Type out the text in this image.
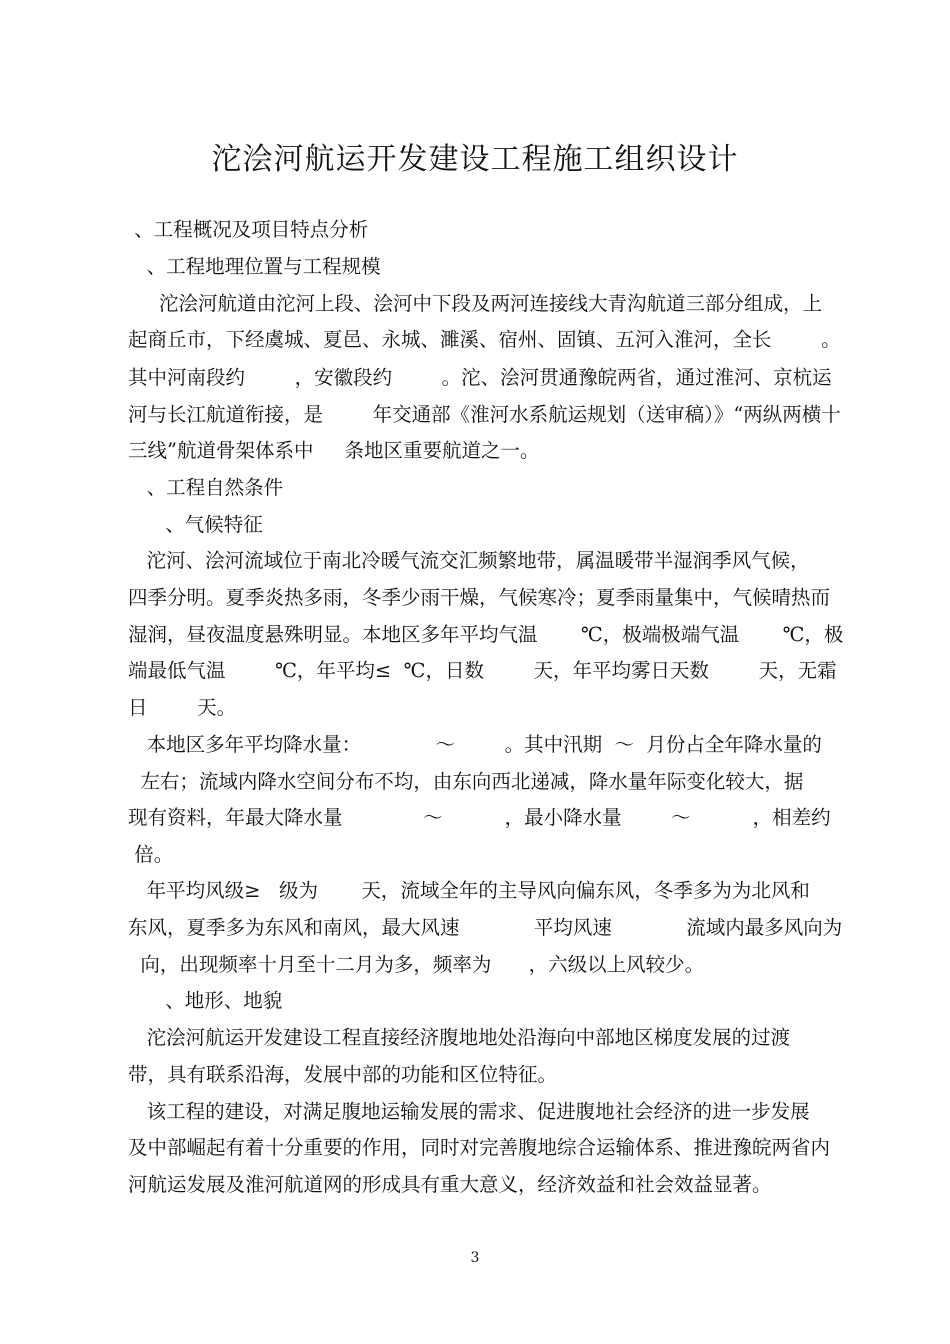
沱浍河航运开发建设工程施工组织设计
、工程概况及项目特点分析
、工程地理位置与工程规模
沱浍河航道由沱河上段、浍河中下段及两河连接线大青沟航道三部分组成，上
起商丘市，下经虞城、夏邑、永城、濉溪、宿州、固镇、五河入淮河，全长        。
其中河南段约        ，安徽段约        。沱、浍河贯通豫皖两省，通过淮河、京杭运
河与长江航道衔接，是        年交通部《淮河水系航运规划（送审稿）》“两纵两横十
三线”航道骨架体系中     条地区重要航道之一。
、工程自然条件
、气候特征
沱河、浍河流域位于南北冷暖气流交汇频繁地带，属温暖带半湿润季风气候，
四季分明。夏季炎热多雨，冬季少雨干燥，气候寒冷；夏季雨量集中，气候晴热而
湿润，昼夜温度悬殊明显。本地区多年平均气温       ℃，极端极端气温       ℃，极
端最低气温        ℃，年平均≤  ℃，日数        天，年平均雾日天数        天，无霜
日        天。
本地区多年平均降水量：            ～        。其中汛期  ～  月份占全年降水量的
左右；流域内降水空间分布不均，由东向西北递减，降水量年际变化较大，据
现有资料，年最大降水量             ～          ，最小降水量        ～          ，相差约
倍。
年平均风级≥   级为       天，流域全年的主导风向偏东风，冬季多为为北风和
东风，夏季多为东风和南风，最大风速            平均风速            流域内最多风向为
向，出现频率十月至十二月为多，频率为      ，六级以上风较少。
、地形、地貌
沱浍河航运开发建设工程直接经济腹地地处沿海向中部地区梯度发展的过渡
带，具有联系沿海，发展中部的功能和区位特征。
该工程的建设，对满足腹地运输发展的需求、促进腹地社会经济的进一步发展
及中部崛起有着十分重要的作用，同时对完善腹地综合运输体系、推进豫皖两省内
河航运发展及淮河航道网的形成具有重大意义，经济效益和社会效益显著。
3
